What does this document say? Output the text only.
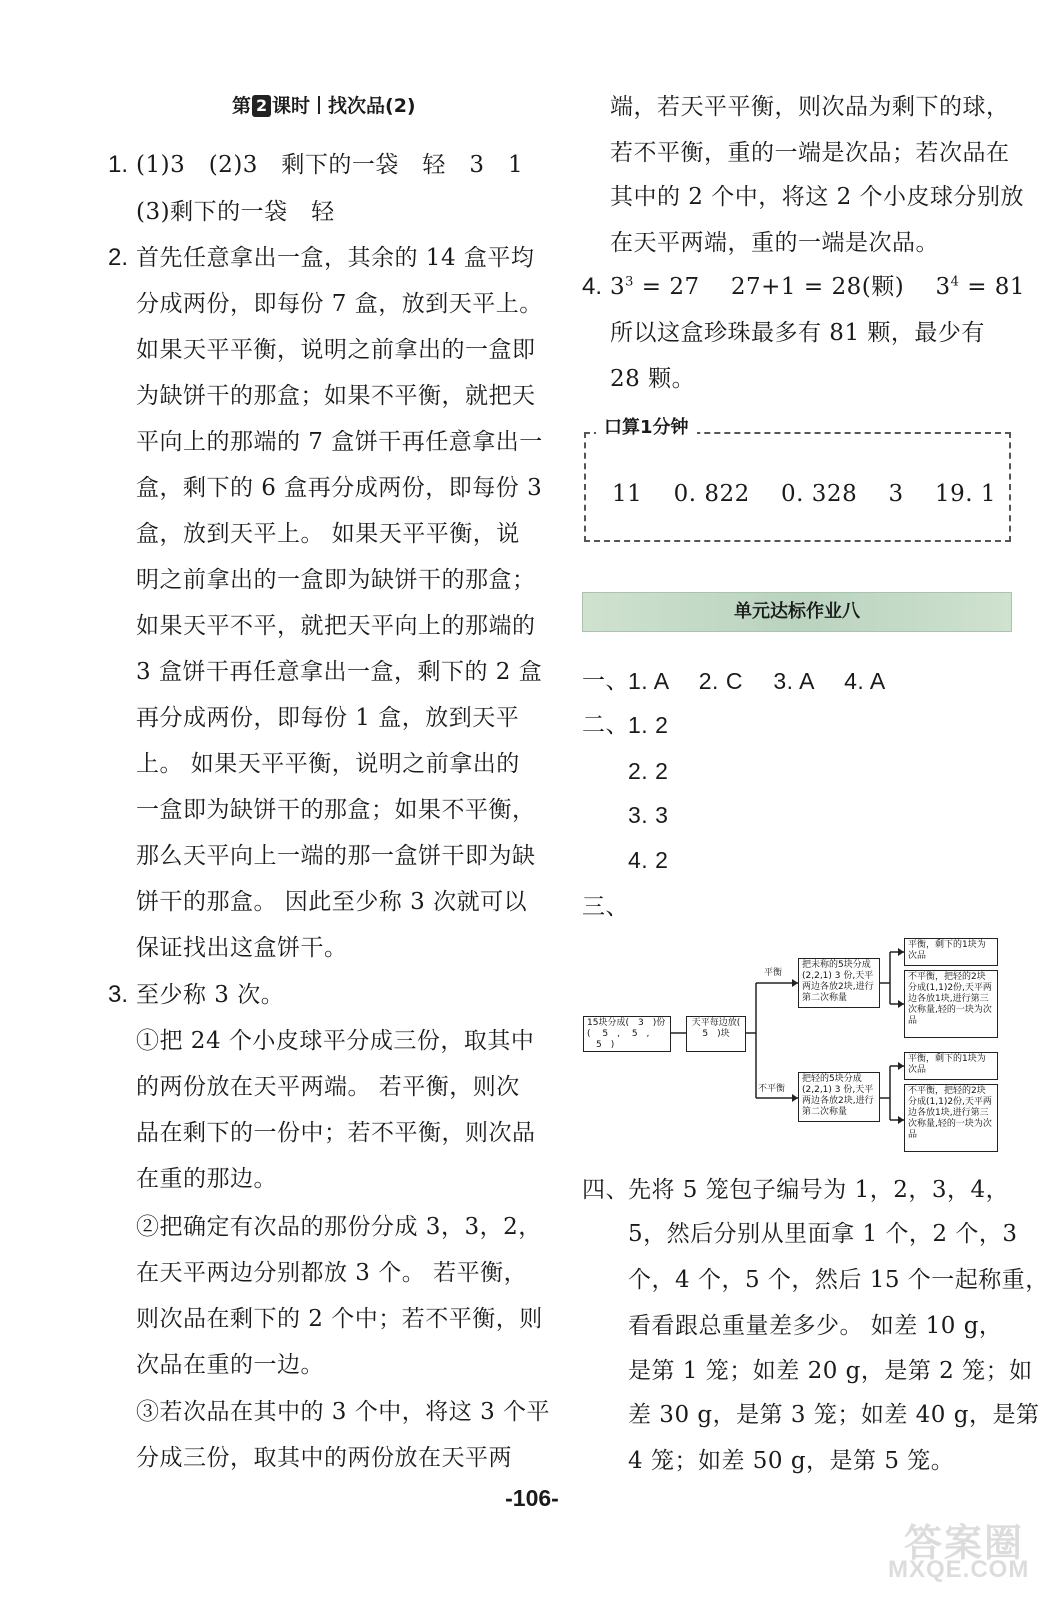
第 2 课时 找次品(2)
1. (1)3　(2)3　剩下的一袋　轻　3　1
(3)剩下的一袋　轻
2. 首先任意拿出一盒，其余的 14 盒平均
分成两份，即每份 7 盒，放到天平上。
如果天平平衡，说明之前拿出的一盒即
为缺饼干的那盒；如果不平衡，就把天
平向上的那端的 7 盒饼干再任意拿出一
盒，剩下的 6 盒再分成两份，即每份 3
盒，放到天平上。 如果天平平衡，说
明之前拿出的一盒即为缺饼干的那盒；
如果天平不平，就把天平向上的那端的
3 盒饼干再任意拿出一盒，剩下的 2 盒
再分成两份，即每份 1 盒，放到天平
上。 如果天平平衡，说明之前拿出的
一盒即为缺饼干的那盒；如果不平衡，
那么天平向上一端的那一盒饼干即为缺
饼干的那盒。 因此至少称 3 次就可以
保证找出这盒饼干。
3. 至少称 3 次。
①把 24 个小皮球平分成三份，取其中
的两份放在天平两端。 若平衡，则次
品在剩下的一份中；若不平衡，则次品
在重的那边。
②把确定有次品的那份分成 3，3，2，
在天平两边分别都放 3 个。 若平衡，
则次品在剩下的 2 个中；若不平衡，则
次品在重的一边。
③若次品在其中的 3 个中，将这 3 个平
分成三份，取其中的两份放在天平两
端，若天平平衡，则次品为剩下的球，
若不平衡，重的一端是次品；若次品在
其中的 2 个中，将这 2 个小皮球分别放
在天平两端，重的一端是次品。
4. $3^3 = 27$　 27+1 = 28(颗)　 $3^4 = 81$
所以这盒珍珠最多有 81 颗，最少有
28 颗。
口算1分钟
11　 0. 822　 0. 328　 3　 19. 1
单元达标作业八
一、 1. A　 2. C　 3. A　 4. A
二、 1. 2
2. 2
3. 3
4. 2
三、
15块分成(　3　)份( 　5　, 　5　, 　5　)
天平每边放(　5　)块
平衡
不平衡
把未称的5块分成(2,2,1) 3 份,天平两边各放2块,进行第二次称量
平衡，剩下的1块为次品
不平衡，把轻的2块分成(1,1)2份,天平两边各放1块,进行第三次称量,轻的一块为次品
把轻的5块分成(2,2,1) 3 份,天平两边各放2块,进行第二次称量
平衡，剩下的1块为次品
不平衡，把轻的2块分成(1,1)2份,天平两边各放1块,进行第三次称量,轻的一块为次品
四、 先将 5 笼包子编号为 1，2，3，4，
5，然后分别从里面拿 1 个，2 个，3
个，4 个，5 个，然后 15 个一起称重，
看看跟总重量差多少。 如差 10 g，
是第 1 笼；如差 20 g，是第 2 笼；如
差 30 g，是第 3 笼；如差 40 g，是第
4 笼；如差 50 g，是第 5 笼。
-106-
答案圈
MXQE.COM
